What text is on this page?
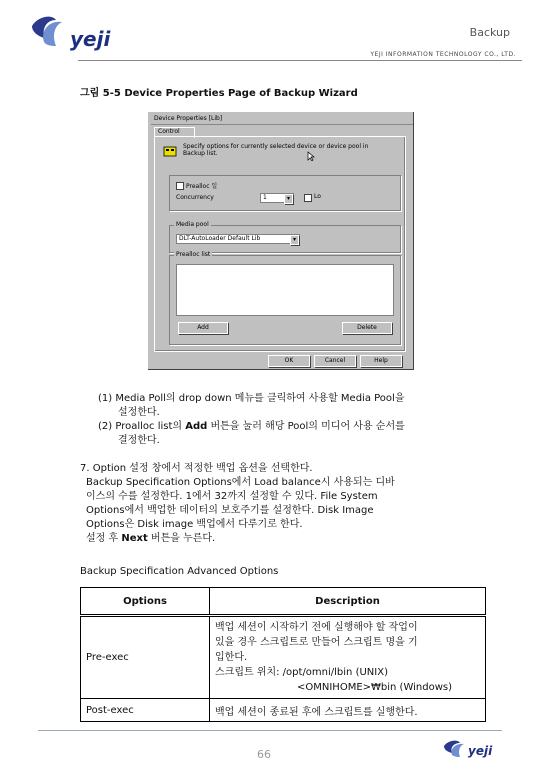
yeji	Backup
YEJI INFORMATION TECHNOLOGY CO., LTD.
그림 5-5 Device Properties Page of Backup Wizard
Device Properties [Lib]
Control
Specify options for currently selected device or device pool in
Backup list.
Prealloc 일
Concurrency	1	▾	Lo
Media pool
DLT-AutoLoader Default Lib	▾
Prealloc list
Add	Delete
OK	Cancel	Help
(1) Media Poll의 drop down 메뉴를 클릭하여 사용할 Media Pool을
설정한다.
(2) Proalloc list의 Add 버튼을 눌러 해당 Pool의 미디어 사용 순서를
결정한다.
7. Option 설정 창에서 적정한 백업 옵션을 선택한다.
Backup Specification Options에서 Load balance시 사용되는 디바
이스의 수를 설정한다. 1에서 32까지 설정할 수 있다. File System
Options에서 백업한 데이터의 보호주기를 설정한다. Disk Image
Options은 Disk image 백업에서 다루기로 한다.
설정 후 Next 버튼을 누른다.
Backup Specification Advanced Options
Options	Description
Pre-exec	백업 세션이 시작하기 전에 실행해야 할 작업이
있을 경우 스크립트로 만들어 스크립트 명을 기
입한다.
스크립트 위치: /opt/omni/lbin (UNIX)
<OMNIHOME>₩bin (Windows)

Post-exec	백업 세션이 종료된 후에 스크립트를 실행한다.
66	yeji
